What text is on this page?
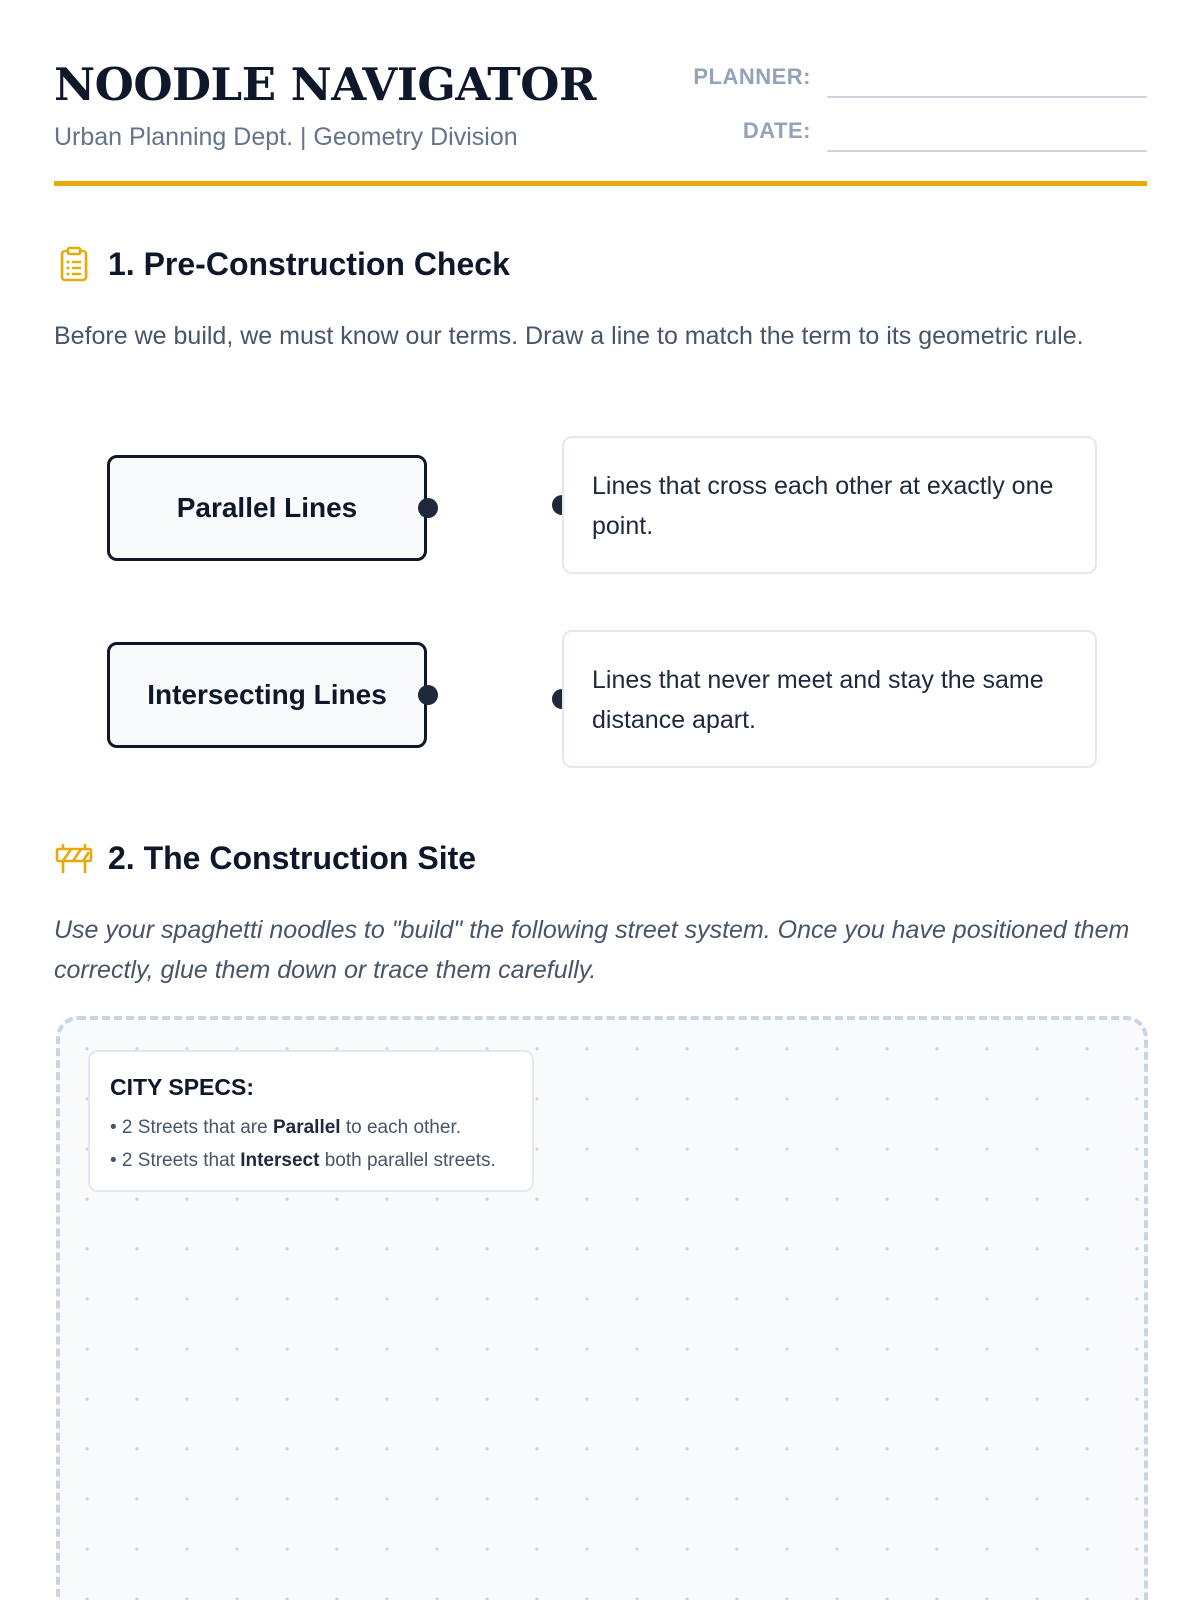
NOODLE NAVIGATOR
Urban Planning Dept. | Geometry Division
PLANNER:
DATE:
1. Pre-Construction Check

Before we build, we must know our terms. Draw a line to match the term to its geometric rule.

Parallel Lines
Intersecting Lines
Lines that cross each other at exactly one point.
Lines that never meet and stay the same distance apart.
2. The Construction Site

Use your spaghetti noodles to "build" the following street system. Once you have positioned them correctly, glue them down or trace them carefully.

CITY SPECS:
• 2 Streets that are Parallel to each other.
• 2 Streets that Intersect both parallel streets.
